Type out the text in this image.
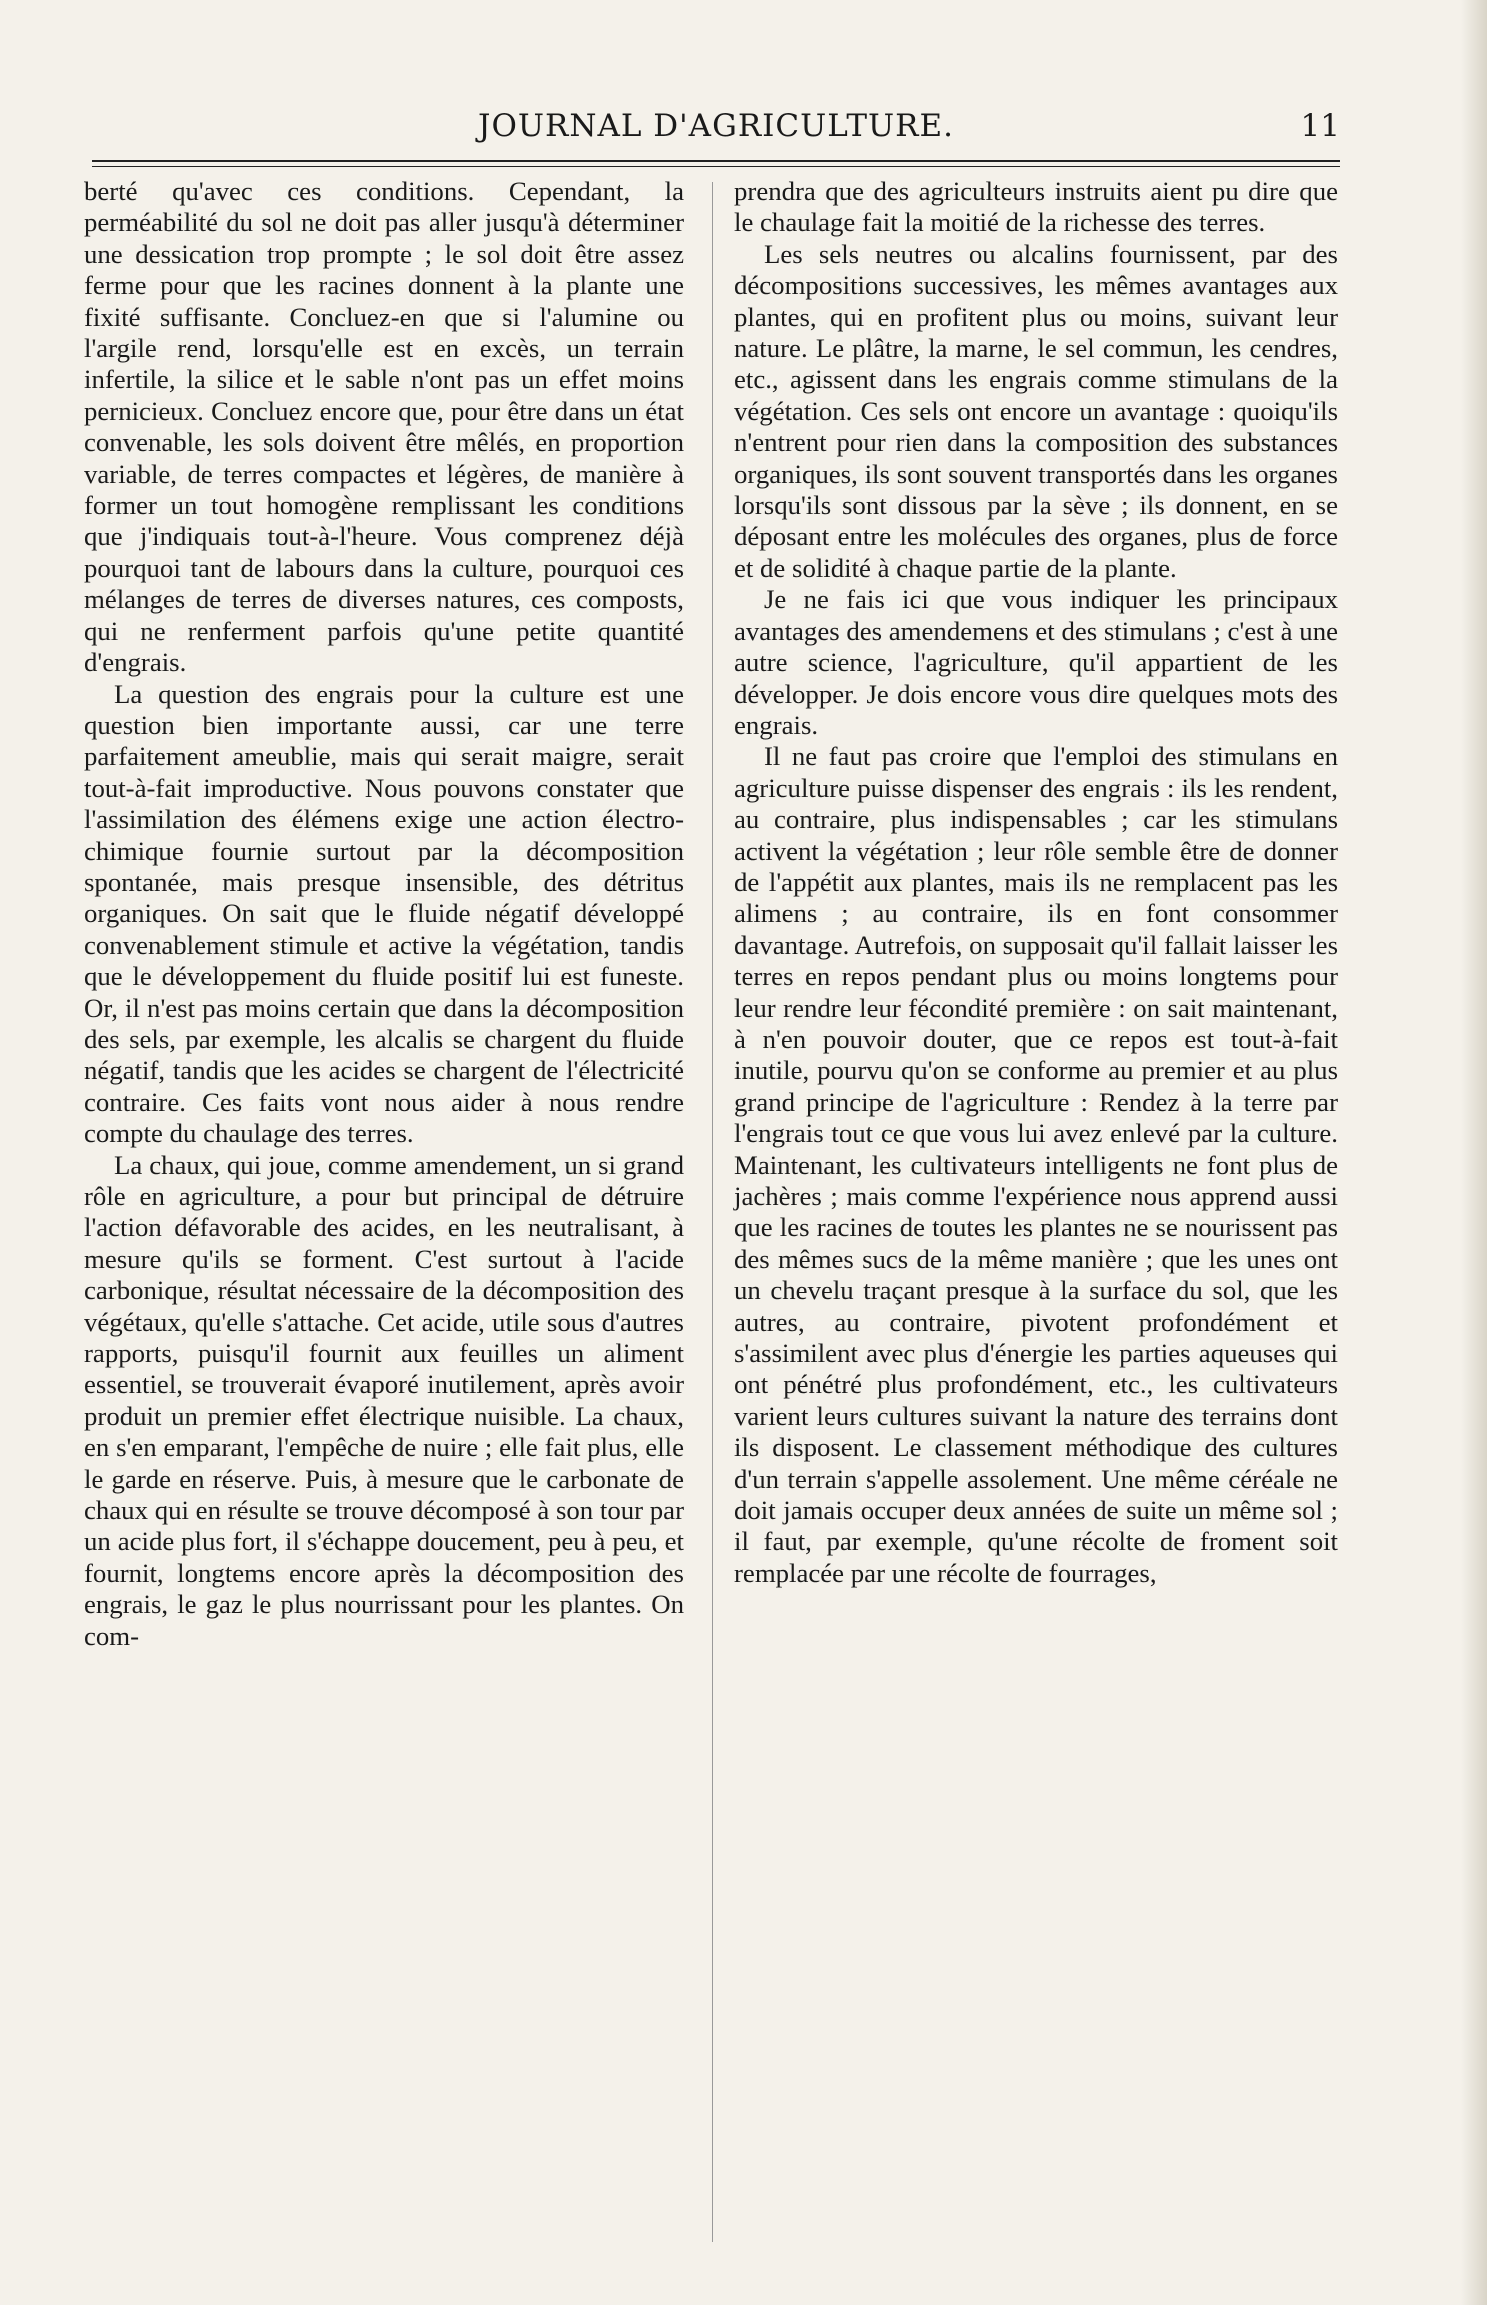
JOURNAL D'AGRICULTURE.	11

berté qu'avec ces conditions. Cependant, la perméabilité du sol ne doit pas aller jusqu'à déterminer une dessication trop prompte ; le sol doit être assez ferme pour que les racines donnent à la plante une fixité suffisante. Concluez-en que si l'alumine ou l'argile rend, lorsqu'elle est en excès, un terrain infertile, la silice et le sable n'ont pas un effet moins pernicieux. Concluez encore que, pour être dans un état convenable, les sols doivent être mêlés, en proportion variable, de terres compactes et légères, de manière à former un tout homogène remplissant les conditions que j'indiquais tout-à-l'heure. Vous comprenez déjà pourquoi tant de labours dans la culture, pourquoi ces mélanges de terres de diverses natures, ces composts, qui ne renferment parfois qu'une petite quantité d'engrais.

La question des engrais pour la culture est une question bien importante aussi, car une terre parfaitement ameublie, mais qui serait maigre, serait tout-à-fait improductive. Nous pouvons constater que l'assimilation des élémens exige une action électro-chimique fournie surtout par la décomposition spontanée, mais presque insensible, des détritus organiques. On sait que le fluide négatif développé convenablement stimule et active la végétation, tandis que le développement du fluide positif lui est funeste. Or, il n'est pas moins certain que dans la décomposition des sels, par exemple, les alcalis se chargent du fluide négatif, tandis que les acides se chargent de l'électricité contraire. Ces faits vont nous aider à nous rendre compte du chaulage des terres.

La chaux, qui joue, comme amendement, un si grand rôle en agriculture, a pour but principal de détruire l'action défavorable des acides, en les neutralisant, à mesure qu'ils se forment. C'est surtout à l'acide carbonique, résultat nécessaire de la décomposition des végétaux, qu'elle s'attache. Cet acide, utile sous d'autres rapports, puisqu'il fournit aux feuilles un aliment essentiel, se trouverait évaporé inutilement, après avoir produit un premier effet électrique nuisible. La chaux, en s'en emparant, l'empêche de nuire ; elle fait plus, elle le garde en réserve. Puis, à mesure que le carbonate de chaux qui en résulte se trouve décomposé à son tour par un acide plus fort, il s'échappe doucement, peu à peu, et fournit, longtems encore après la décomposition des engrais, le gaz le plus nourrissant pour les plantes. On com-

prendra que des agriculteurs instruits aient pu dire que le chaulage fait la moitié de la richesse des terres.

Les sels neutres ou alcalins fournissent, par des décompositions successives, les mêmes avantages aux plantes, qui en profitent plus ou moins, suivant leur nature. Le plâtre, la marne, le sel commun, les cendres, etc., agissent dans les engrais comme stimulans de la végétation. Ces sels ont encore un avantage : quoiqu'ils n'entrent pour rien dans la composition des substances organiques, ils sont souvent transportés dans les organes lorsqu'ils sont dissous par la sève ; ils donnent, en se déposant entre les molécules des organes, plus de force et de solidité à chaque partie de la plante.

Je ne fais ici que vous indiquer les principaux avantages des amendemens et des stimulans ; c'est à une autre science, l'agriculture, qu'il appartient de les développer. Je dois encore vous dire quelques mots des engrais.

Il ne faut pas croire que l'emploi des stimulans en agriculture puisse dispenser des engrais : ils les rendent, au contraire, plus indispensables ; car les stimulans activent la végétation ; leur rôle semble être de donner de l'appétit aux plantes, mais ils ne remplacent pas les alimens ; au contraire, ils en font consommer davantage. Autrefois, on supposait qu'il fallait laisser les terres en repos pendant plus ou moins longtems pour leur rendre leur fécondité première : on sait maintenant, à n'en pouvoir douter, que ce repos est tout-à-fait inutile, pourvu qu'on se conforme au premier et au plus grand principe de l'agriculture : Rendez à la terre par l'engrais tout ce que vous lui avez enlevé par la culture. Maintenant, les cultivateurs intelligents ne font plus de jachères ; mais comme l'expérience nous apprend aussi que les racines de toutes les plantes ne se nourissent pas des mêmes sucs de la même manière ; que les unes ont un chevelu traçant presque à la surface du sol, que les autres, au contraire, pivotent profondément et s'assimilent avec plus d'énergie les parties aqueuses qui ont pénétré plus profondément, etc., les cultivateurs varient leurs cultures suivant la nature des terrains dont ils disposent. Le classement méthodique des cultures d'un terrain s'appelle assolement. Une même céréale ne doit jamais occuper deux années de suite un même sol ; il faut, par exemple, qu'une récolte de froment soit remplacée par une récolte de fourrages,
